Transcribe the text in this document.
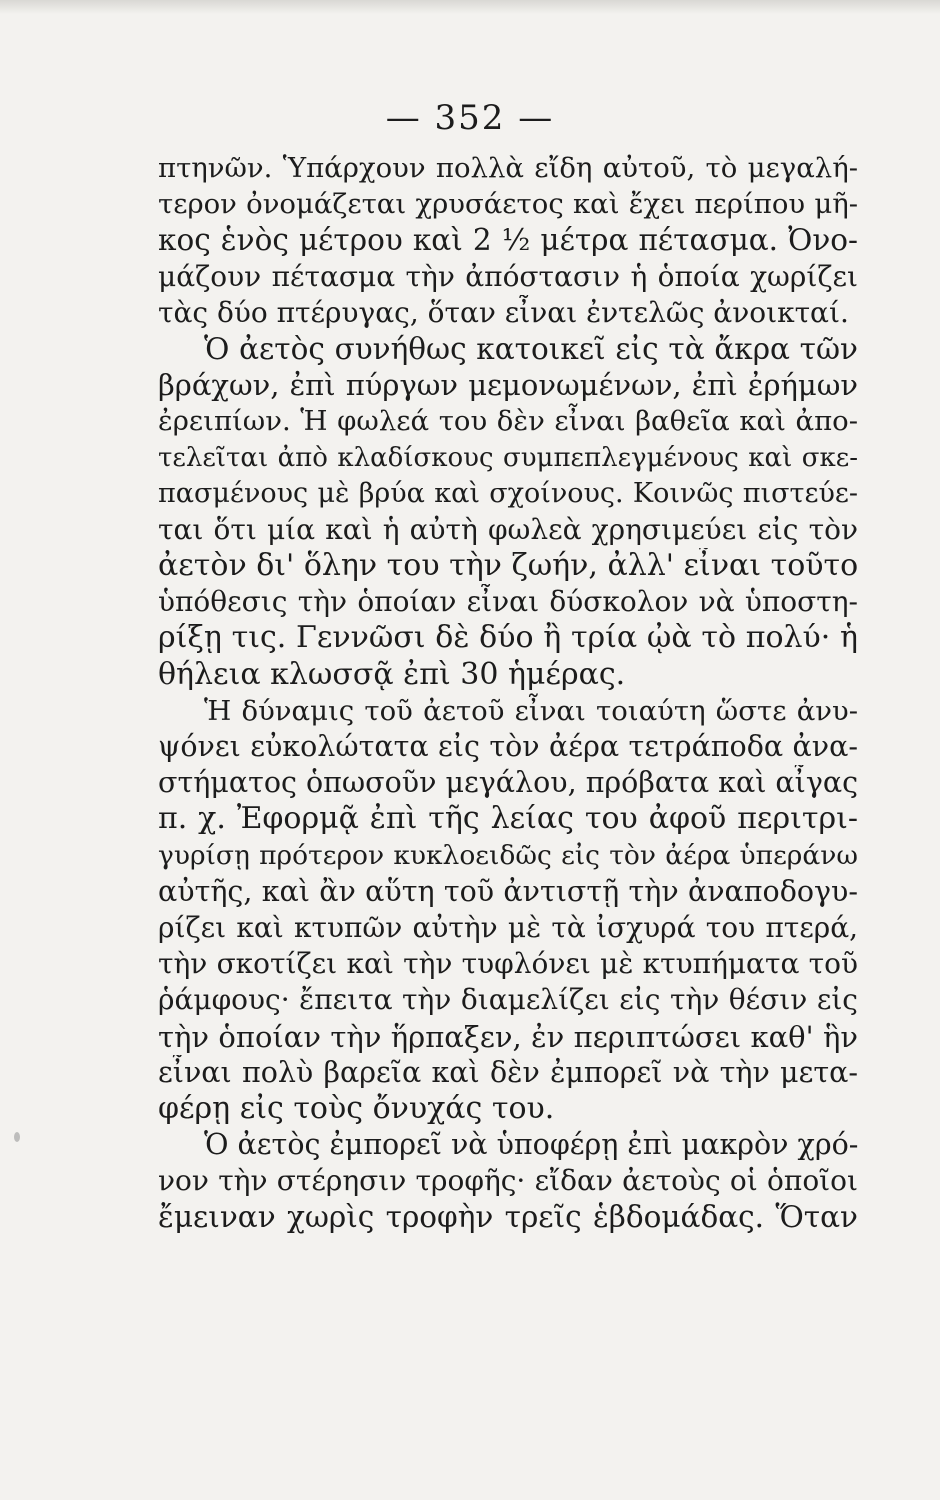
— 352 —
πτηνῶν. Ὑπάρχουν πολλὰ εἴδη αὐτοῦ, τὸ μεγαλή-
τερον ὀνομάζεται χρυσάετος καὶ ἔχει περίπου μῆ-
κος ἑνὸς μέτρου καὶ 2 ½ μέτρα πέτασμα. Ὀνο-
μάζουν πέτασμα τὴν ἀπόστασιν ἡ ὁποία χωρίζει
τὰς δύο πτέρυγας, ὅταν εἶναι ἐντελῶς ἀνοικταί.
Ὁ ἀετὸς συνήθως κατοικεῖ εἰς τὰ ἄκρα τῶν
βράχων, ἐπὶ πύργων μεμονωμένων, ἐπὶ ἐρήμων
ἐρειπίων. Ἡ φωλεά του δὲν εἶναι βαθεῖα καὶ ἀπο-
τελεῖται ἀπὸ κλαδίσκους συμπεπλεγμένους καὶ σκε-
πασμένους μὲ βρύα καὶ σχοίνους. Κοινῶς πιστεύε-
ται ὅτι μία καὶ ἡ αὐτὴ φωλεὰ χρησιμεύει εἰς τὸν
ἀετὸν δι' ὅλην του τὴν ζωήν, ἀλλ' εἶναι τοῦτο
ὑπόθεσις τὴν ὁποίαν εἶναι δύσκολον νὰ ὑποστη-
ρίξῃ τις. Γεννῶσι δὲ δύο ἢ τρία ᾠὰ τὸ πολύ· ἡ
θήλεια κλωσσᾷ ἐπὶ 30 ἡμέρας.
Ἡ δύναμις τοῦ ἀετοῦ εἶναι τοιαύτη ὥστε ἀνυ-
ψόνει εὐκολώτατα εἰς τὸν ἀέρα τετράποδα ἀνα-
στήματος ὁπωσοῦν μεγάλου, πρόβατα καὶ αἶγας
π. χ. Ἐφορμᾷ ἐπὶ τῆς λείας του ἀφοῦ περιτρι-
γυρίσῃ πρότερον κυκλοειδῶς εἰς τὸν ἀέρα ὑπεράνω
αὐτῆς, καὶ ἂν αὕτη τοῦ ἀντιστῇ τὴν ἀναποδογυ-
ρίζει καὶ κτυπῶν αὐτὴν μὲ τὰ ἰσχυρά του πτερά,
τὴν σκοτίζει καὶ τὴν τυφλόνει μὲ κτυπήματα τοῦ
ῥάμφους· ἔπειτα τὴν διαμελίζει εἰς τὴν θέσιν εἰς
τὴν ὁποίαν τὴν ἥρπαξεν, ἐν περιπτώσει καθ' ἣν
εἶναι πολὺ βαρεῖα καὶ δὲν ἐμπορεῖ νὰ τὴν μετα-
φέρῃ εἰς τοὺς ὄνυχάς του.
Ὁ ἀετὸς ἐμπορεῖ νὰ ὑποφέρῃ ἐπὶ μακρὸν χρό-
νον τὴν στέρησιν τροφῆς· εἴδαν ἀετοὺς οἱ ὁποῖοι
ἔμειναν χωρὶς τροφὴν τρεῖς ἑβδομάδας. Ὅταν
